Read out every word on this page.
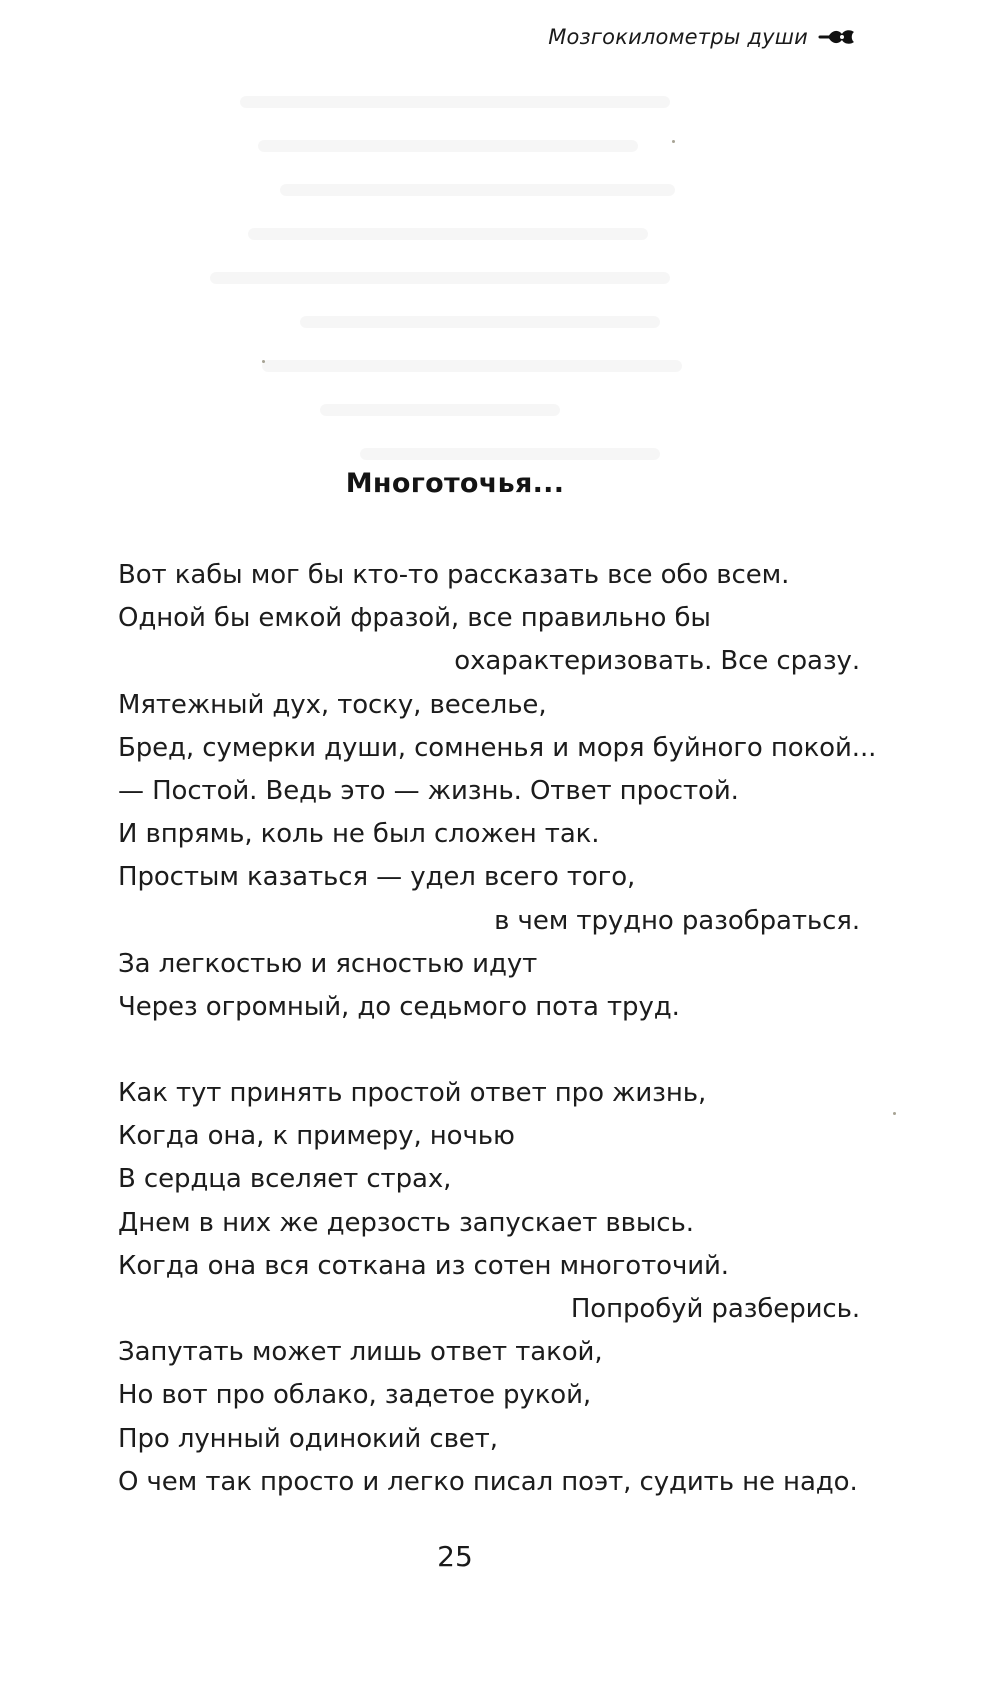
Мозгокилометры души
Многоточья...
Вот кабы мог бы кто-то рассказать все обо всем.
Одной бы емкой фразой, все правильно бы
охарактеризовать. Все сразу.
Мятежный дух, тоску, веселье,
Бред, сумерки души, сомненья и моря буйного покой...
— Постой. Ведь это — жизнь. Ответ простой.
И впрямь, коль не был сложен так.
Простым казаться — удел всего того,
в чем трудно разобраться.
За легкостью и ясностью идут
Через огромный, до седьмого пота труд.
Как тут принять простой ответ про жизнь,
Когда она, к примеру, ночью
В сердца вселяет страх,
Днем в них же дерзость запускает ввысь.
Когда она вся соткана из сотен многоточий.
Попробуй разберись.
Запутать может лишь ответ такой,
Но вот про облако, задетое рукой,
Про лунный одинокий свет,
О чем так просто и легко писал поэт, судить не надо.
25
